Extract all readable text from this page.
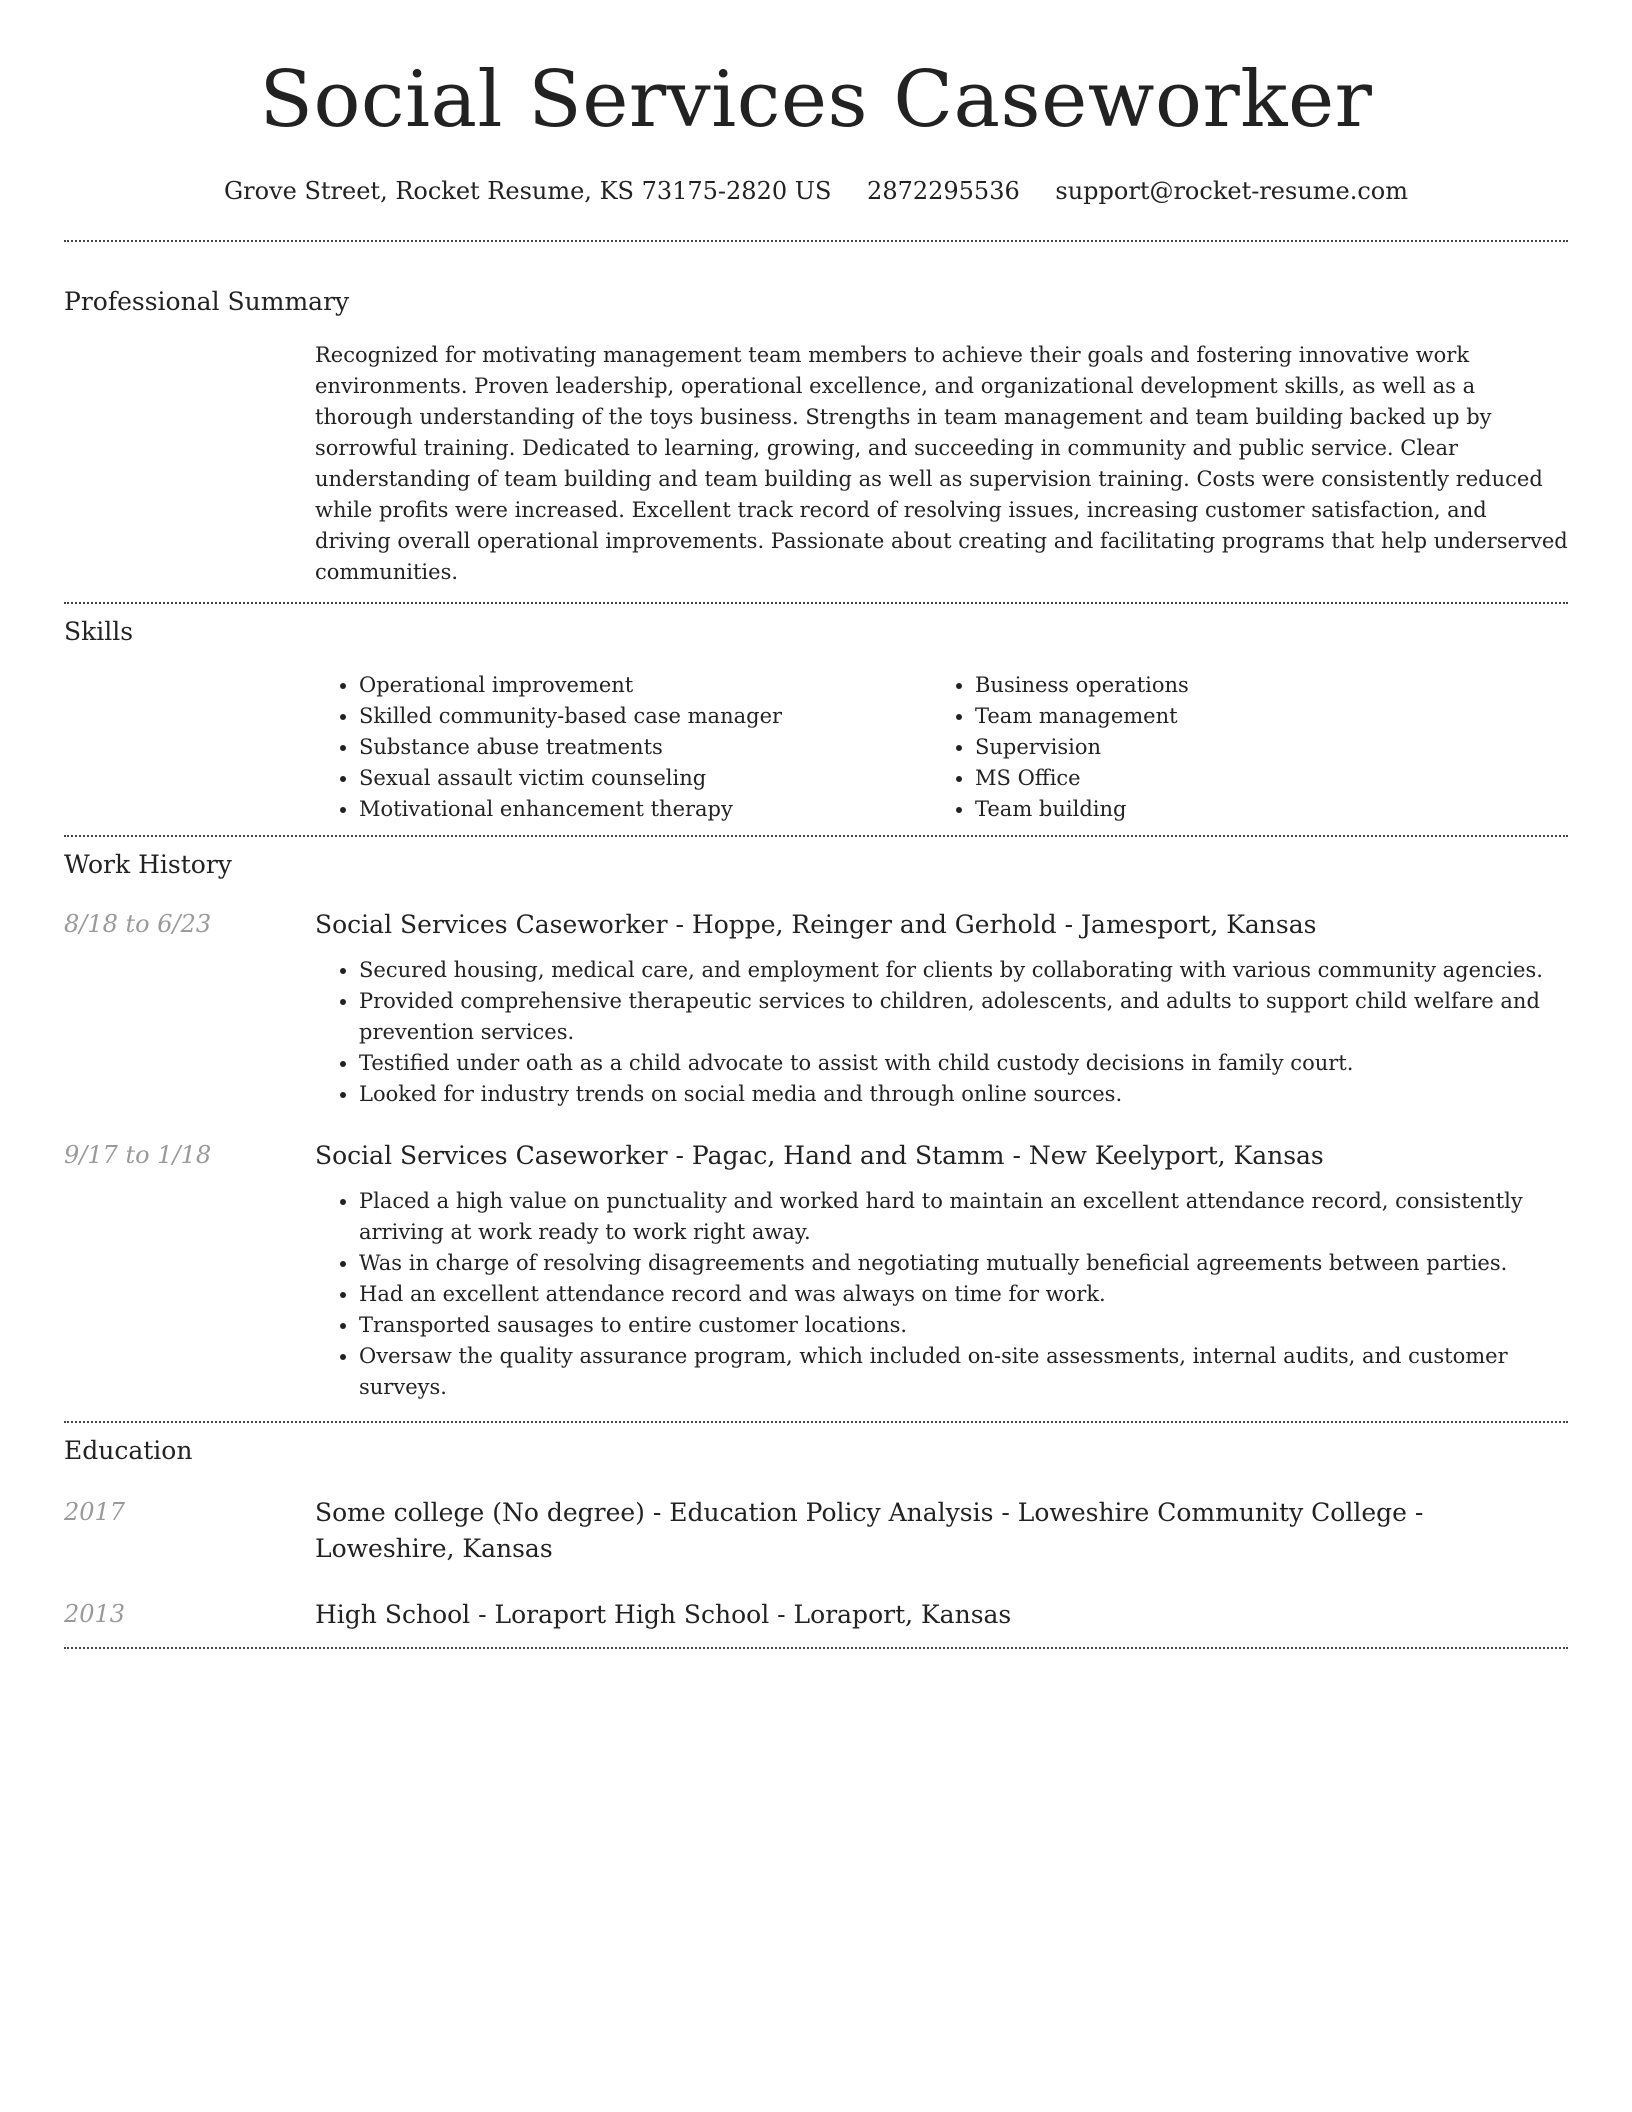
Social Services Caseworker
Grove Street, Rocket Resume, KS 73175-2820 US 2872295536 support@rocket-resume.com
Professional Summary

Recognized for motivating management team members to achieve their goals and fostering innovative work environments. Proven leadership, operational excellence, and organizational development skills, as well as a thorough understanding of the toys business. Strengths in team management and team building backed up by sorrowful training. Dedicated to learning, growing, and succeeding in community and public service. Clear understanding of team building and team building as well as supervision training. Costs were consistently reduced while profits were increased. Excellent track record of resolving issues, increasing customer satisfaction, and driving overall operational improvements. Passionate about creating and facilitating programs that help underserved communities.

Skills
• Operational improvement
• Skilled community-based case manager
• Substance abuse treatments
• Sexual assault victim counseling
• Motivational enhancement therapy
• Business operations
• Team management
• Supervision
• MS Office
• Team building
Work History
8/18 to 6/23	Social Services Caseworker - Hoppe, Reinger and Gerhold - Jamesport, Kansas
• Secured housing, medical care, and employment for clients by collaborating with various community agencies.
• Provided comprehensive therapeutic services to children, adolescents, and adults to support child welfare and prevention services.
• Testified under oath as a child advocate to assist with child custody decisions in family court.
• Looked for industry trends on social media and through online sources.
9/17 to 1/18	Social Services Caseworker - Pagac, Hand and Stamm - New Keelyport, Kansas
• Placed a high value on punctuality and worked hard to maintain an excellent attendance record, consistently arriving at work ready to work right away.
• Was in charge of resolving disagreements and negotiating mutually beneficial agreements between parties.
• Had an excellent attendance record and was always on time for work.
• Transported sausages to entire customer locations.
• Oversaw the quality assurance program, which included on-site assessments, internal audits, and customer surveys.
Education
2017	Some college (No degree) - Education Policy Analysis - Loweshire Community College - Loweshire, Kansas
2013	High School - Loraport High School - Loraport, Kansas
